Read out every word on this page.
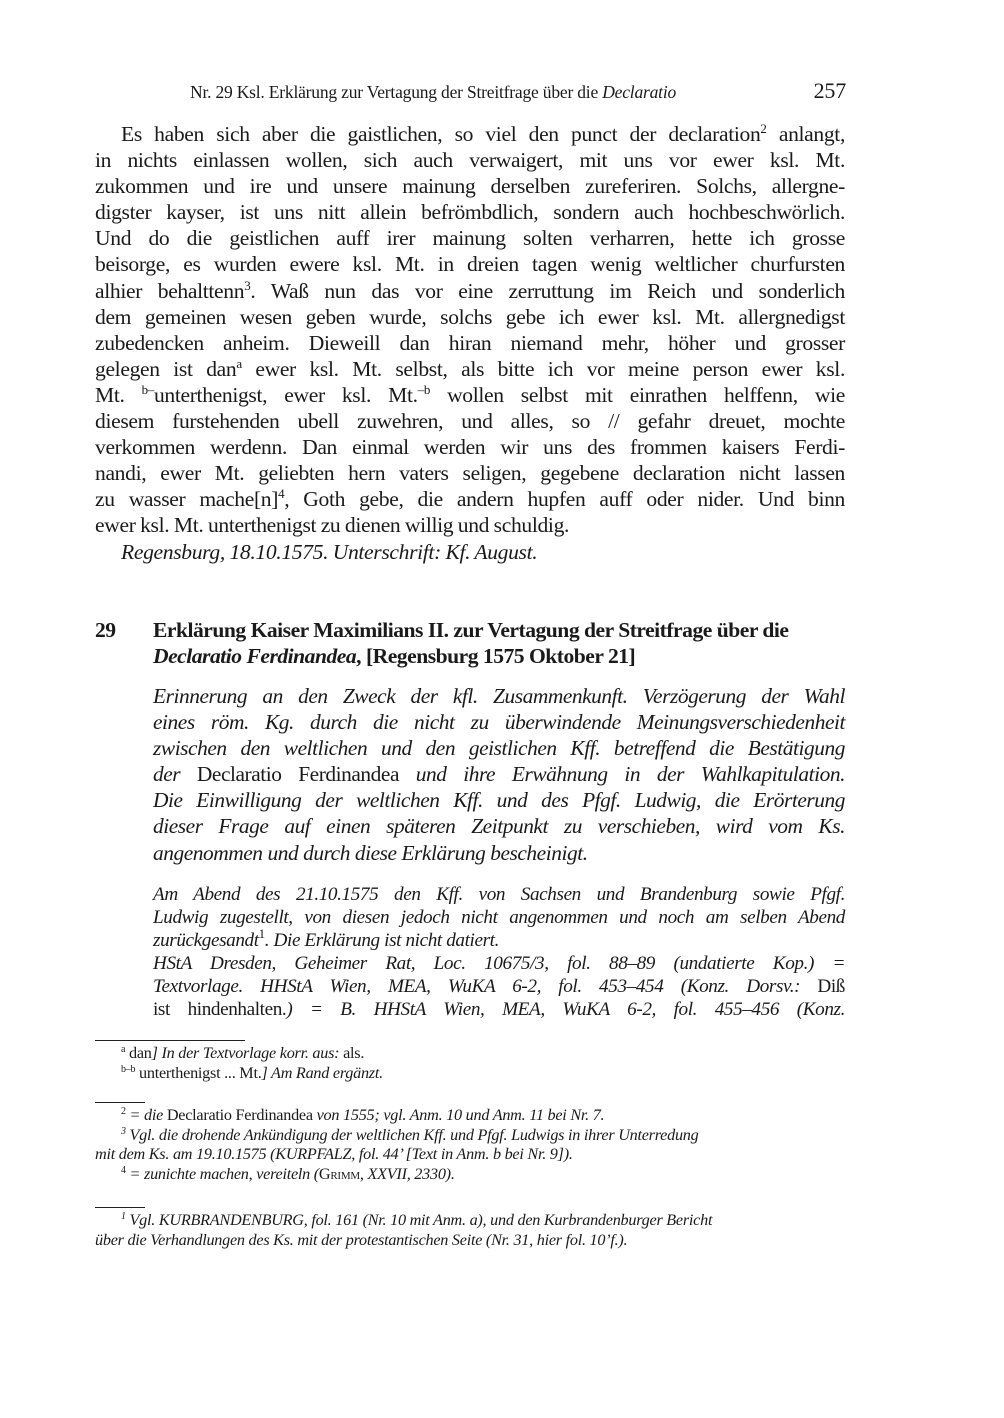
Nr. 29 Ksl. Erklärung zur Vertagung der Streitfrage über die Declaratio	257
Es haben sich aber die gaistlichen, so viel den punct der declaration$^2$ anlangt,
in nichts einlassen wollen, sich auch verwaigert, mit uns vor ewer ksl. Mt.
zukommen und ire und unsere mainung derselben zureferiren. Solchs, allergne-
digster kayser, ist uns nitt allein befrömbdlich, sondern auch hochbeschwörlich.
Und do die geistlichen auff irer mainung solten verharren, hette ich grosse
beisorge, es wurden ewere ksl. Mt. in dreien tagen wenig weltlicher churfursten
alhier behalttenn$^3$. Waß nun das vor eine zerruttung im Reich und sonderlich
dem gemeinen wesen geben wurde, solchs gebe ich ewer ksl. Mt. allergnedigst
zubedencken anheim. Dieweill dan hiran niemand mehr, höher und grosser
gelegen ist dan$^a$ ewer ksl. Mt. selbst, als bitte ich vor meine person ewer ksl.
Mt. $^{b-}$unterthenigst, ewer ksl. Mt.$^{-b}$ wollen selbst mit einrathen helffenn, wie
diesem furstehenden ubell zuwehren, und alles, so // gefahr dreuet, mochte
verkommen werdenn. Dan einmal werden wir uns des frommen kaisers Ferdi-
nandi, ewer Mt. geliebten hern vaters seligen, gegebene declaration nicht lassen
zu wasser $mache[n]^4$, Goth gebe, die andern hupfen auff oder nider. Und binn
ewer ksl. Mt. unterthenigst zu dienen willig und schuldig.
Regensburg, 18.10.1575. Unterschrift: Kf. August.
29 Erklärung Kaiser Maximilians II. zur Vertagung der Streitfrage über die
Declaratio Ferdinandea, [Regensburg 1575 Oktober 21]
Erinnerung an den Zweck der kfl. Zusammenkunft. Verzögerung der Wahl
eines röm. Kg. durch die nicht zu überwindende Meinungsverschiedenheit
zwischen den weltlichen und den geistlichen Kff. betreffend die Bestätigung
der Declaratio Ferdinandea und ihre Erwähnung in der Wahlkapitulation.
Die Einwilligung der weltlichen Kff. und des Pfgf. Ludwig, die Erörterung
dieser Frage auf einen späteren Zeitpunkt zu verschieben, wird vom Ks.
angenommen und durch diese Erklärung bescheinigt.
Am Abend des 21.10.1575 den Kff. von Sachsen und Brandenburg sowie Pfgf.
Ludwig zugestellt, von diesen jedoch nicht angenommen und noch am selben Abend
zurückgesandt$^1$. Die Erklärung ist nicht datiert.
HStA Dresden, Geheimer Rat, Loc. 10675/3, fol. 88–89 (undatierte Kop.) =
Textvorlage. HHStA Wien, MEA, WuKA 6-2, fol. 453–454 (Konz. Dorsv.: Diß
ist hindenhalten.) = B. HHStA Wien, MEA, WuKA 6-2, fol. 455–456 (Konz.
$^a$ dan] In der Textvorlage korr. aus: als.
$^{b-b}$ unterthenigst ... Mt.] Am Rand ergänzt.
$^2$ = die Declaratio Ferdinandea von 1555; vgl. Anm. 10 und Anm. 11 bei Nr. 7.
$^3$ Vgl. die drohende Ankündigung der weltlichen Kff. und Pfgf. Ludwigs in ihrer Unterredung
mit dem Ks. am 19.10.1575 (KURPFALZ, fol. 44’ [Text in Anm. b bei Nr. 9]).
$^4$ = zunichte machen, vereiteln (Grimm, XXVII, 2330).
$^1$ Vgl. KURBRANDENBURG, fol. 161 (Nr. 10 mit Anm. a), und den Kurbrandenburger Bericht
über die Verhandlungen des Ks. mit der protestantischen Seite (Nr. 31, hier fol. 10’f.).
